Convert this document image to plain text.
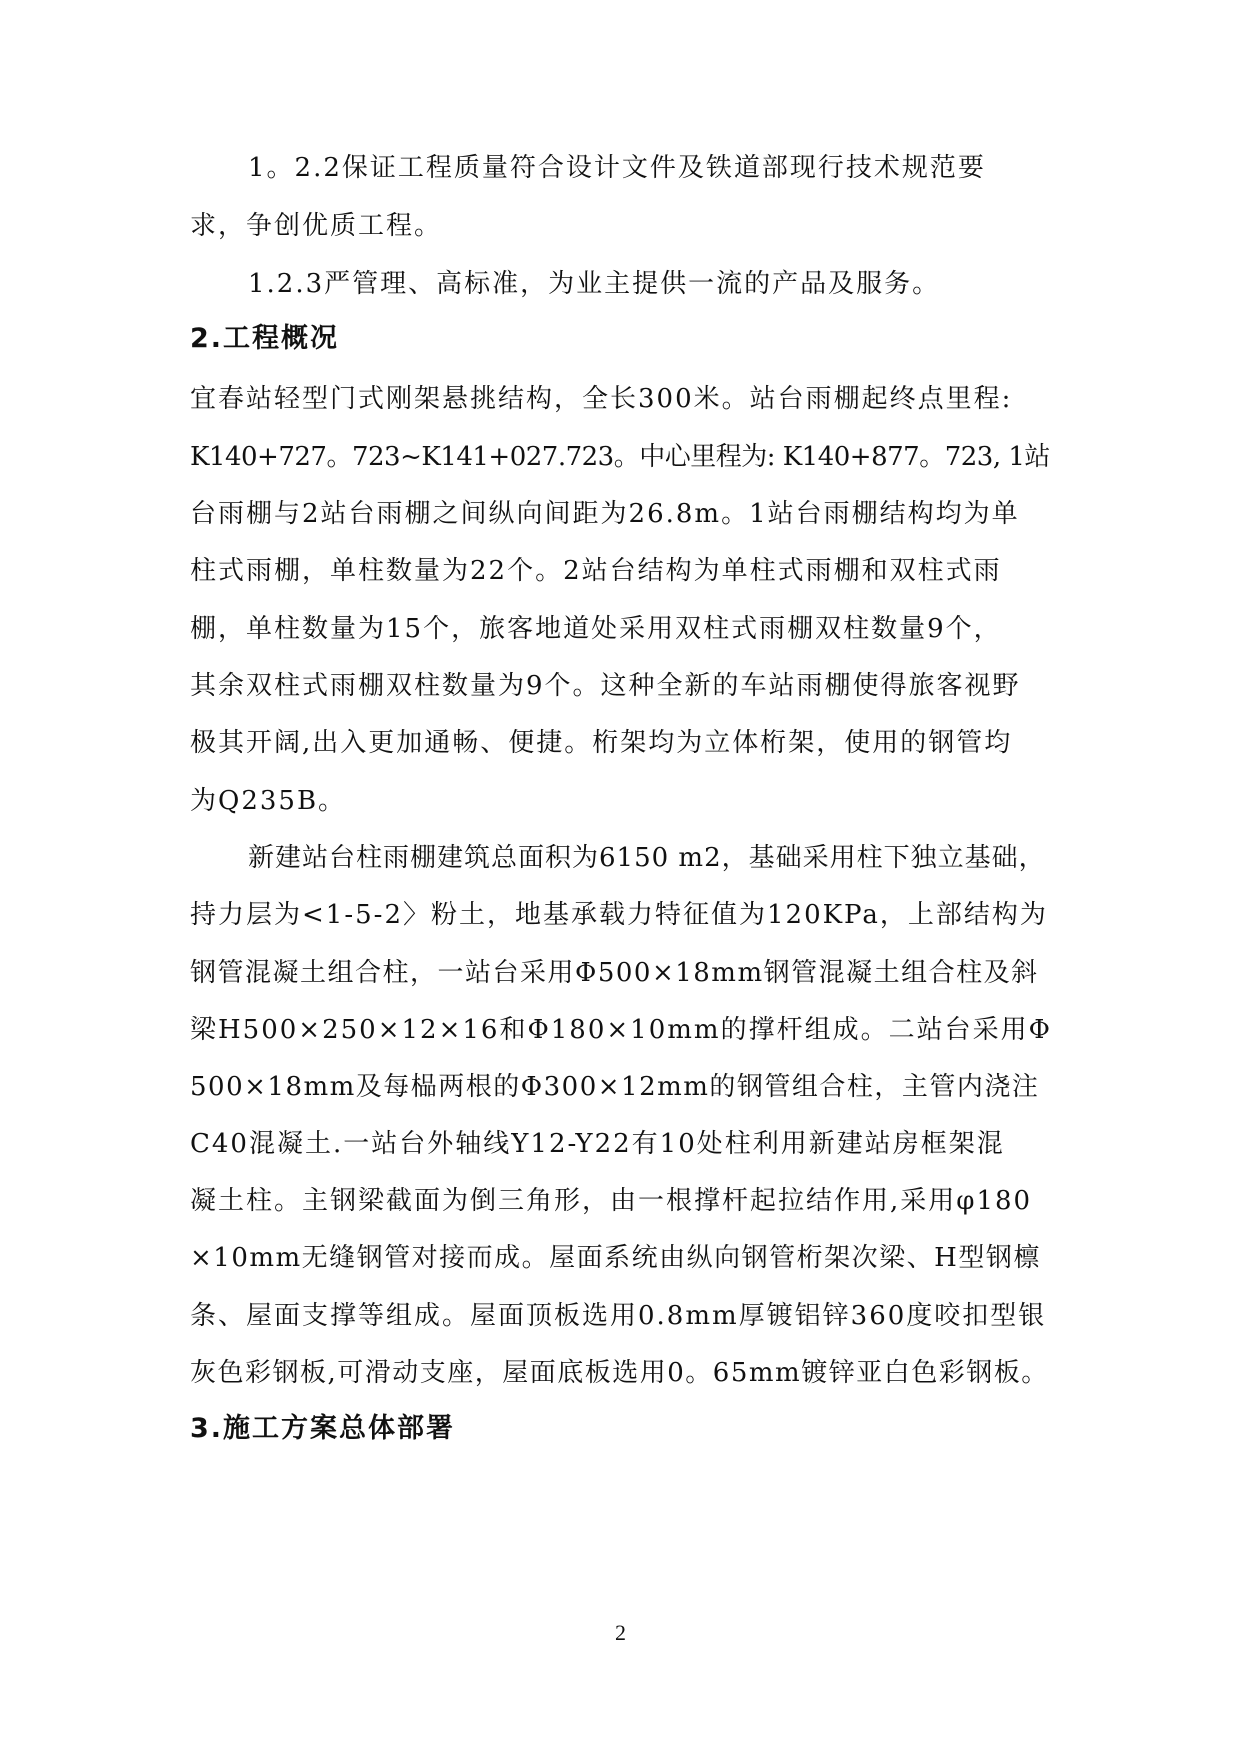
1。2.2保证工程质量符合设计文件及铁道部现行技术规范要
求，争创优质工程。
1.2.3严管理、高标准，为业主提供一流的产品及服务。
2.工程概况
宜春站轻型门式刚架悬挑结构，全长300米。站台雨棚起终点里程:
K140+727。723~K141+027.723。中心里程为: K140+877。723, 1站
台雨棚与2站台雨棚之间纵向间距为26.8m。1站台雨棚结构均为单
柱式雨棚，单柱数量为22个。2站台结构为单柱式雨棚和双柱式雨
棚，单柱数量为15个，旅客地道处采用双柱式雨棚双柱数量9个，
其余双柱式雨棚双柱数量为9个。这种全新的车站雨棚使得旅客视野
极其开阔,出入更加通畅、便捷。桁架均为立体桁架，使用的钢管均
为Q235B。
新建站台柱雨棚建筑总面积为6150 m2，基础采用柱下独立基础，
持力层为<1-5-2〉粉土，地基承载力特征值为120KPa，上部结构为
钢管混凝土组合柱，一站台采用Φ500×18mm钢管混凝土组合柱及斜
梁H500×250×12×16和Φ180×10mm的撑杆组成。二站台采用Φ
500×18mm及每榀两根的Φ300×12mm的钢管组合柱，主管内浇注
C40混凝土.一站台外轴线Y12-Y22有10处柱利用新建站房框架混
凝土柱。主钢梁截面为倒三角形，由一根撑杆起拉结作用,采用φ180
×10mm无缝钢管对接而成。屋面系统由纵向钢管桁架次梁、H型钢檩
条、屋面支撑等组成。屋面顶板选用0.8mm厚镀铝锌360度咬扣型银
灰色彩钢板,可滑动支座，屋面底板选用0。65mm镀锌亚白色彩钢板。
3.施工方案总体部署
2
